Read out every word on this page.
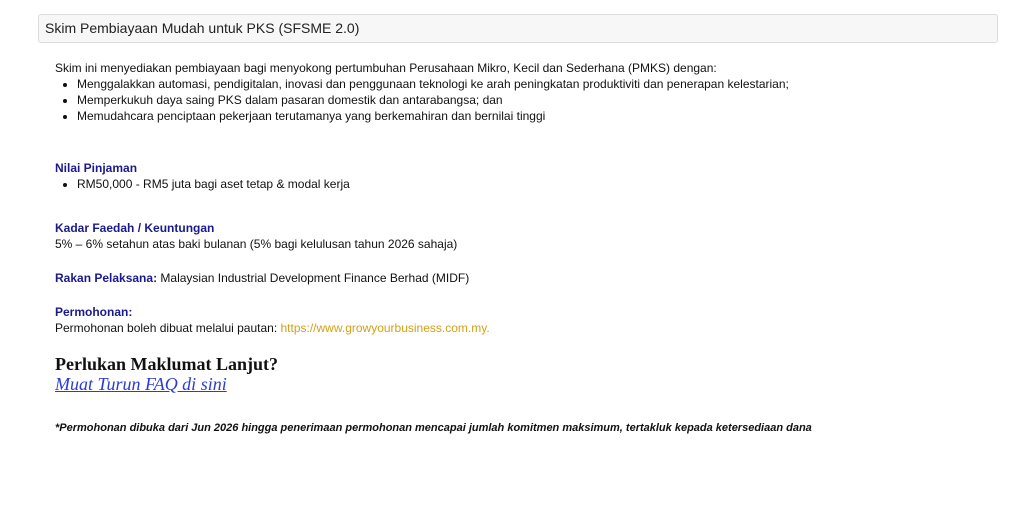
Skim Pembiayaan Mudah untuk PKS (SFSME 2.0)

Skim ini menyediakan pembiayaan bagi menyokong pertumbuhan Perusahaan Mikro, Kecil dan Sederhana (PMKS) dengan:

• Menggalakkan automasi, pendigitalan, inovasi dan penggunaan teknologi ke arah peningkatan produktiviti dan penerapan kelestarian;
• Memperkukuh daya saing PKS dalam pasaran domestik dan antarabangsa; dan
• Memudahcara penciptaan pekerjaan terutamanya yang berkemahiran dan bernilai tinggi

Nilai Pinjaman

• RM50,000 - RM5 juta bagi aset tetap & modal kerja

Kadar Faedah / Keuntungan

5% – 6% setahun atas baki bulanan (5% bagi kelulusan tahun 2026 sahaja)

Rakan Pelaksana: Malaysian Industrial Development Finance Berhad (MIDF)

Permohonan:

Permohonan boleh dibuat melalui pautan: https://www.growyourbusiness.com.my.

Perlukan Maklumat Lanjut?

Muat Turun FAQ di sini

*Permohonan dibuka dari Jun 2026 hingga penerimaan permohonan mencapai jumlah komitmen maksimum, tertakluk kepada ketersediaan dana
